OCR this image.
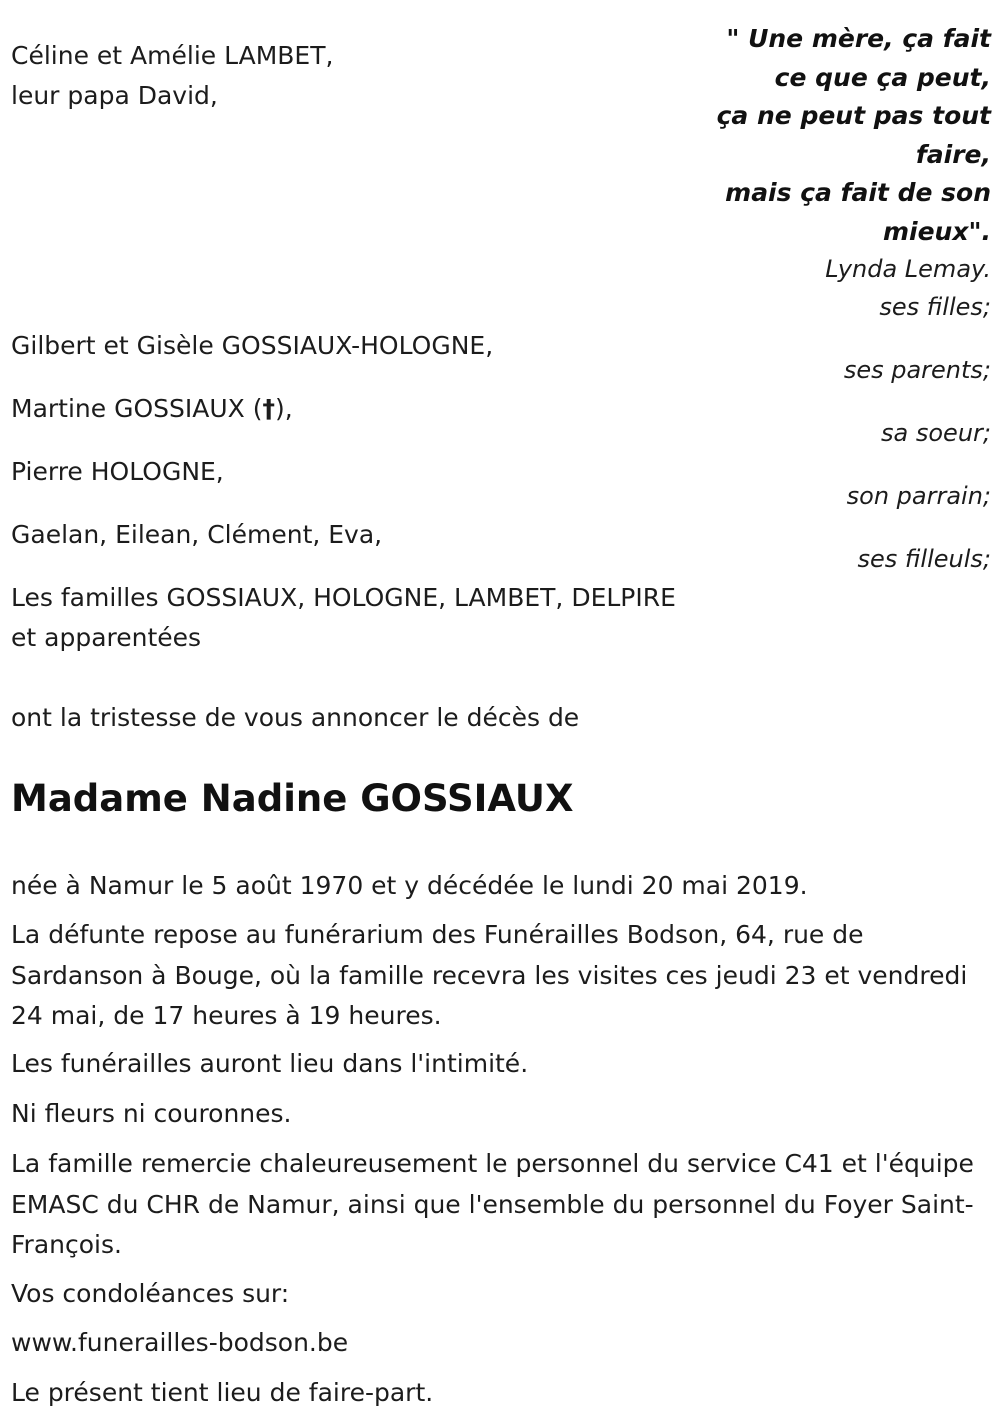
Céline et Amélie LAMBET,
leur papa David,
" Une mère, ça fait
ce que ça peut,
ça ne peut pas tout
faire,
mais ça fait de son
mieux".
Lynda Lemay.
ses filles;
Gilbert et Gisèle GOSSIAUX-HOLOGNE,
ses parents;
Martine GOSSIAUX (†),
sa soeur;
Pierre HOLOGNE,
son parrain;
Gaelan, Eilean, Clément, Eva,
ses filleuls;
Les familles GOSSIAUX, HOLOGNE, LAMBET, DELPIRE
et apparentées
ont la tristesse de vous annoncer le décès de
Madame Nadine GOSSIAUX
née à Namur le 5 août 1970 et y décédée le lundi 20 mai 2019.
La défunte repose au funérarium des Funérailles Bodson, 64, rue de Sardanson à Bouge, où la famille recevra les visites ces jeudi 23 et vendredi 24 mai, de 17 heures à 19 heures.
Les funérailles auront lieu dans l'intimité.
Ni fleurs ni couronnes.
La famille remercie chaleureusement le personnel du service C41 et l'équipe EMASC du CHR de Namur, ainsi que l'ensemble du personnel du Foyer Saint-François.
Vos condoléances sur:
www.funerailles-bodson.be
Le présent tient lieu de faire-part.
